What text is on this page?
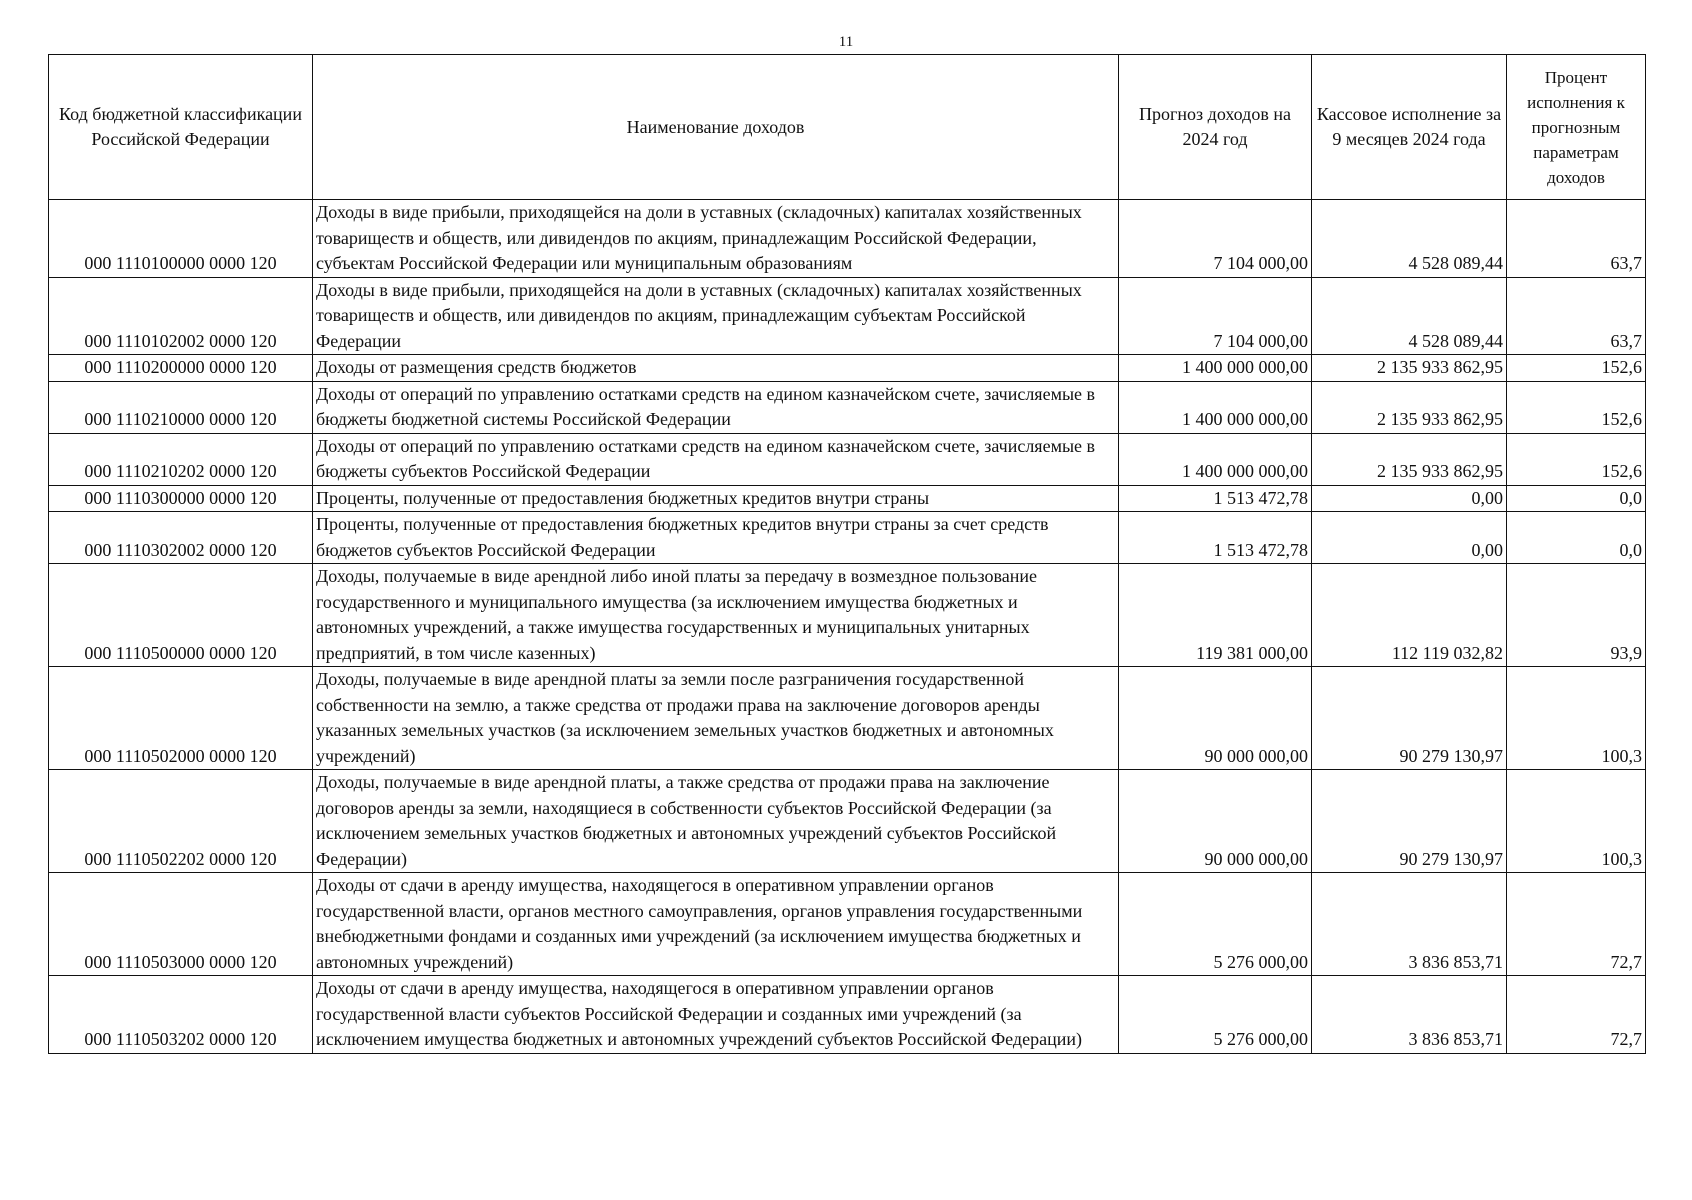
11
Код бюджетной классификации Российской Федерации	Наименование доходов	Прогноз доходов на 2024 год	Кассовое исполнение за 9 месяцев 2024 года	Процент исполнения к прогнозным параметрам доходов
000 1110100000 0000 120	Доходы в виде прибыли, приходящейся на доли в уставных (складочных) капиталах хозяйственных товариществ и обществ, или дивидендов по акциям, принадлежащим Российской Федерации, субъектам Российской Федерации или муниципальным образованиям	7 104 000,00	4 528 089,44	63,7
000 1110102002 0000 120	Доходы в виде прибыли, приходящейся на доли в уставных (складочных) капиталах хозяйственных товариществ и обществ, или дивидендов по акциям, принадлежащим субъектам Российской Федерации	7 104 000,00	4 528 089,44	63,7
000 1110200000 0000 120	Доходы от размещения средств бюджетов	1 400 000 000,00	2 135 933 862,95	152,6
000 1110210000 0000 120	Доходы от операций по управлению остатками средств на едином казначейском счете, зачисляемые в бюджеты бюджетной системы Российской Федерации	1 400 000 000,00	2 135 933 862,95	152,6
000 1110210202 0000 120	Доходы от операций по управлению остатками средств на едином казначейском счете, зачисляемые в бюджеты субъектов Российской Федерации	1 400 000 000,00	2 135 933 862,95	152,6
000 1110300000 0000 120	Проценты, полученные от предоставления бюджетных кредитов внутри страны	1 513 472,78	0,00	0,0
000 1110302002 0000 120	Проценты, полученные от предоставления бюджетных кредитов внутри страны за счет средств бюджетов субъектов Российской Федерации	1 513 472,78	0,00	0,0
000 1110500000 0000 120	Доходы, получаемые в виде арендной либо иной платы за передачу в возмездное пользование государственного и муниципального имущества (за исключением имущества бюджетных и автономных учреждений, а также имущества государственных и муниципальных унитарных предприятий, в том числе казенных)	119 381 000,00	112 119 032,82	93,9
000 1110502000 0000 120	Доходы, получаемые в виде арендной платы за земли после разграничения государственной собственности на землю, а также средства от продажи права на заключение договоров аренды указанных земельных участков (за исключением земельных участков бюджетных и автономных учреждений)	90 000 000,00	90 279 130,97	100,3
000 1110502202 0000 120	Доходы, получаемые в виде арендной платы, а также средства от продажи права на заключение договоров аренды за земли, находящиеся в собственности субъектов Российской Федерации (за исключением земельных участков бюджетных и автономных учреждений субъектов Российской Федерации)	90 000 000,00	90 279 130,97	100,3
000 1110503000 0000 120	Доходы от сдачи в аренду имущества, находящегося в оперативном управлении органов государственной власти, органов местного самоуправления, органов управления государственными внебюджетными фондами и созданных ими учреждений (за исключением имущества бюджетных и автономных учреждений)	5 276 000,00	3 836 853,71	72,7
000 1110503202 0000 120	Доходы от сдачи в аренду имущества, находящегося в оперативном управлении органов государственной власти субъектов Российской Федерации и созданных ими учреждений (за исключением имущества бюджетных и автономных учреждений субъектов Российской Федерации)	5 276 000,00	3 836 853,71	72,7
